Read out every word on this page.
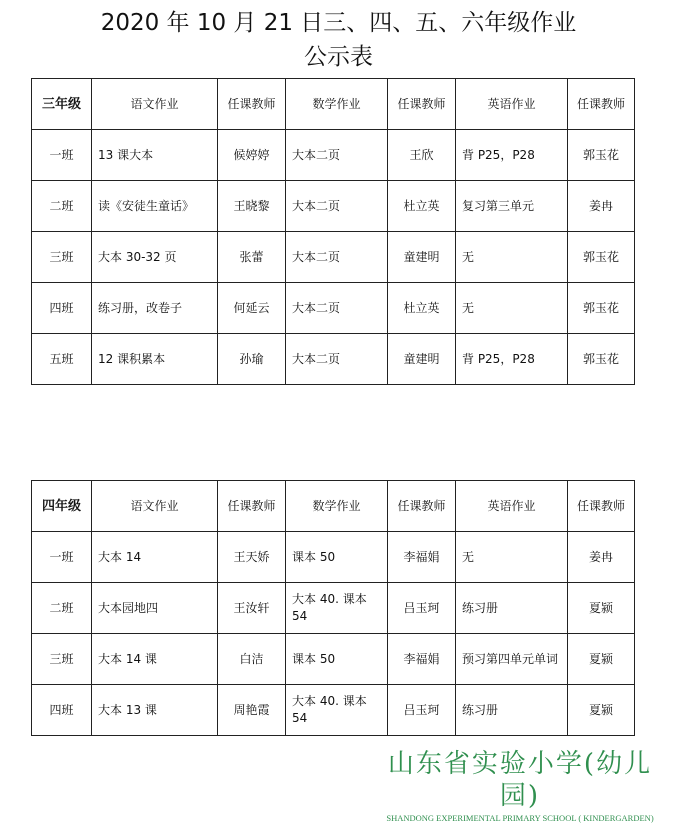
2020 年 10 月 21 日三、四、五、六年级作业
公示表
三年级	语文作业	任课教师	数学作业	任课教师	英语作业	任课教师
一班	13 课大本	候婷婷	大本二页	王欣	背 P25，P28	郭玉花
二班	读《安徒生童话》	王晓黎	大本二页	杜立英	复习第三单元	姜冉
三班	大本 30-32 页	张蕾	大本二页	童建明	无	郭玉花
四班	练习册，改卷子	何延云	大本二页	杜立英	无	郭玉花
五班	12 课积累本	孙瑜	大本二页	童建明	背 P25，P28	郭玉花
四年级	语文作业	任课教师	数学作业	任课教师	英语作业	任课教师
一班	大本 14	王天娇	课本 50	李福娟	无	姜冉
二班	大本园地四	王汝轩	大本 40. 课本 54	吕玉珂	练习册	夏颍
三班	大本 14 课	白洁	课本 50	李福娟	预习第四单元单词	夏颍
四班	大本 13 课	周艳霞	大本 40. 课本 54	吕玉珂	练习册	夏颍
山东省实验小学(幼儿园)
SHANDONG EXPERIMENTAL PRIMARY SCHOOL ( KINDERGARDEN)
